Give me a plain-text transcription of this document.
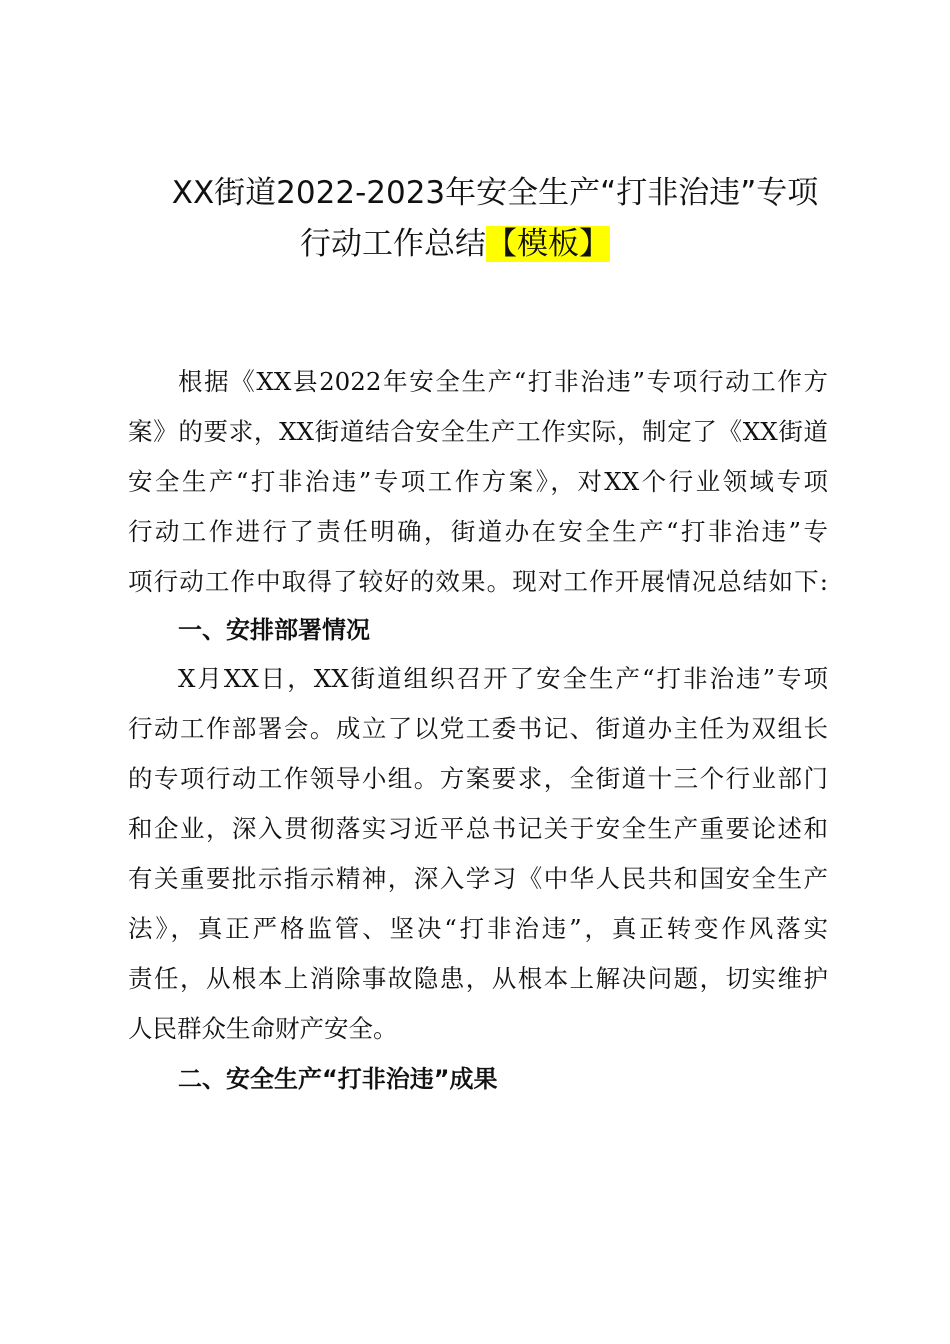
XX街道2022-2023年安全生产“打非治违”专项
行动工作总结【模板】
根据《XX县2022年安全生产“打非治违”专项行动工作方
案》的要求，XX街道结合安全生产工作实际，制定了《XX街道
安全生产“打非治违”专项工作方案》，对XX个行业领域专项
行动工作进行了责任明确，街道办在安全生产“打非治违”专
项行动工作中取得了较好的效果。现对工作开展情况总结如下:
一、安排部署情况
X月XX日，XX街道组织召开了安全生产“打非治违”专项
行动工作部署会。成立了以党工委书记、街道办主任为双组长
的专项行动工作领导小组。方案要求，全街道十三个行业部门
和企业，深入贯彻落实习近平总书记关于安全生产重要论述和
有关重要批示指示精神，深入学习《中华人民共和国安全生产
法》，真正严格监管、坚决“打非治违”，真正转变作风落实
责任，从根本上消除事故隐患，从根本上解决问题，切实维护
人民群众生命财产安全。
二、安全生产“打非治违”成果
